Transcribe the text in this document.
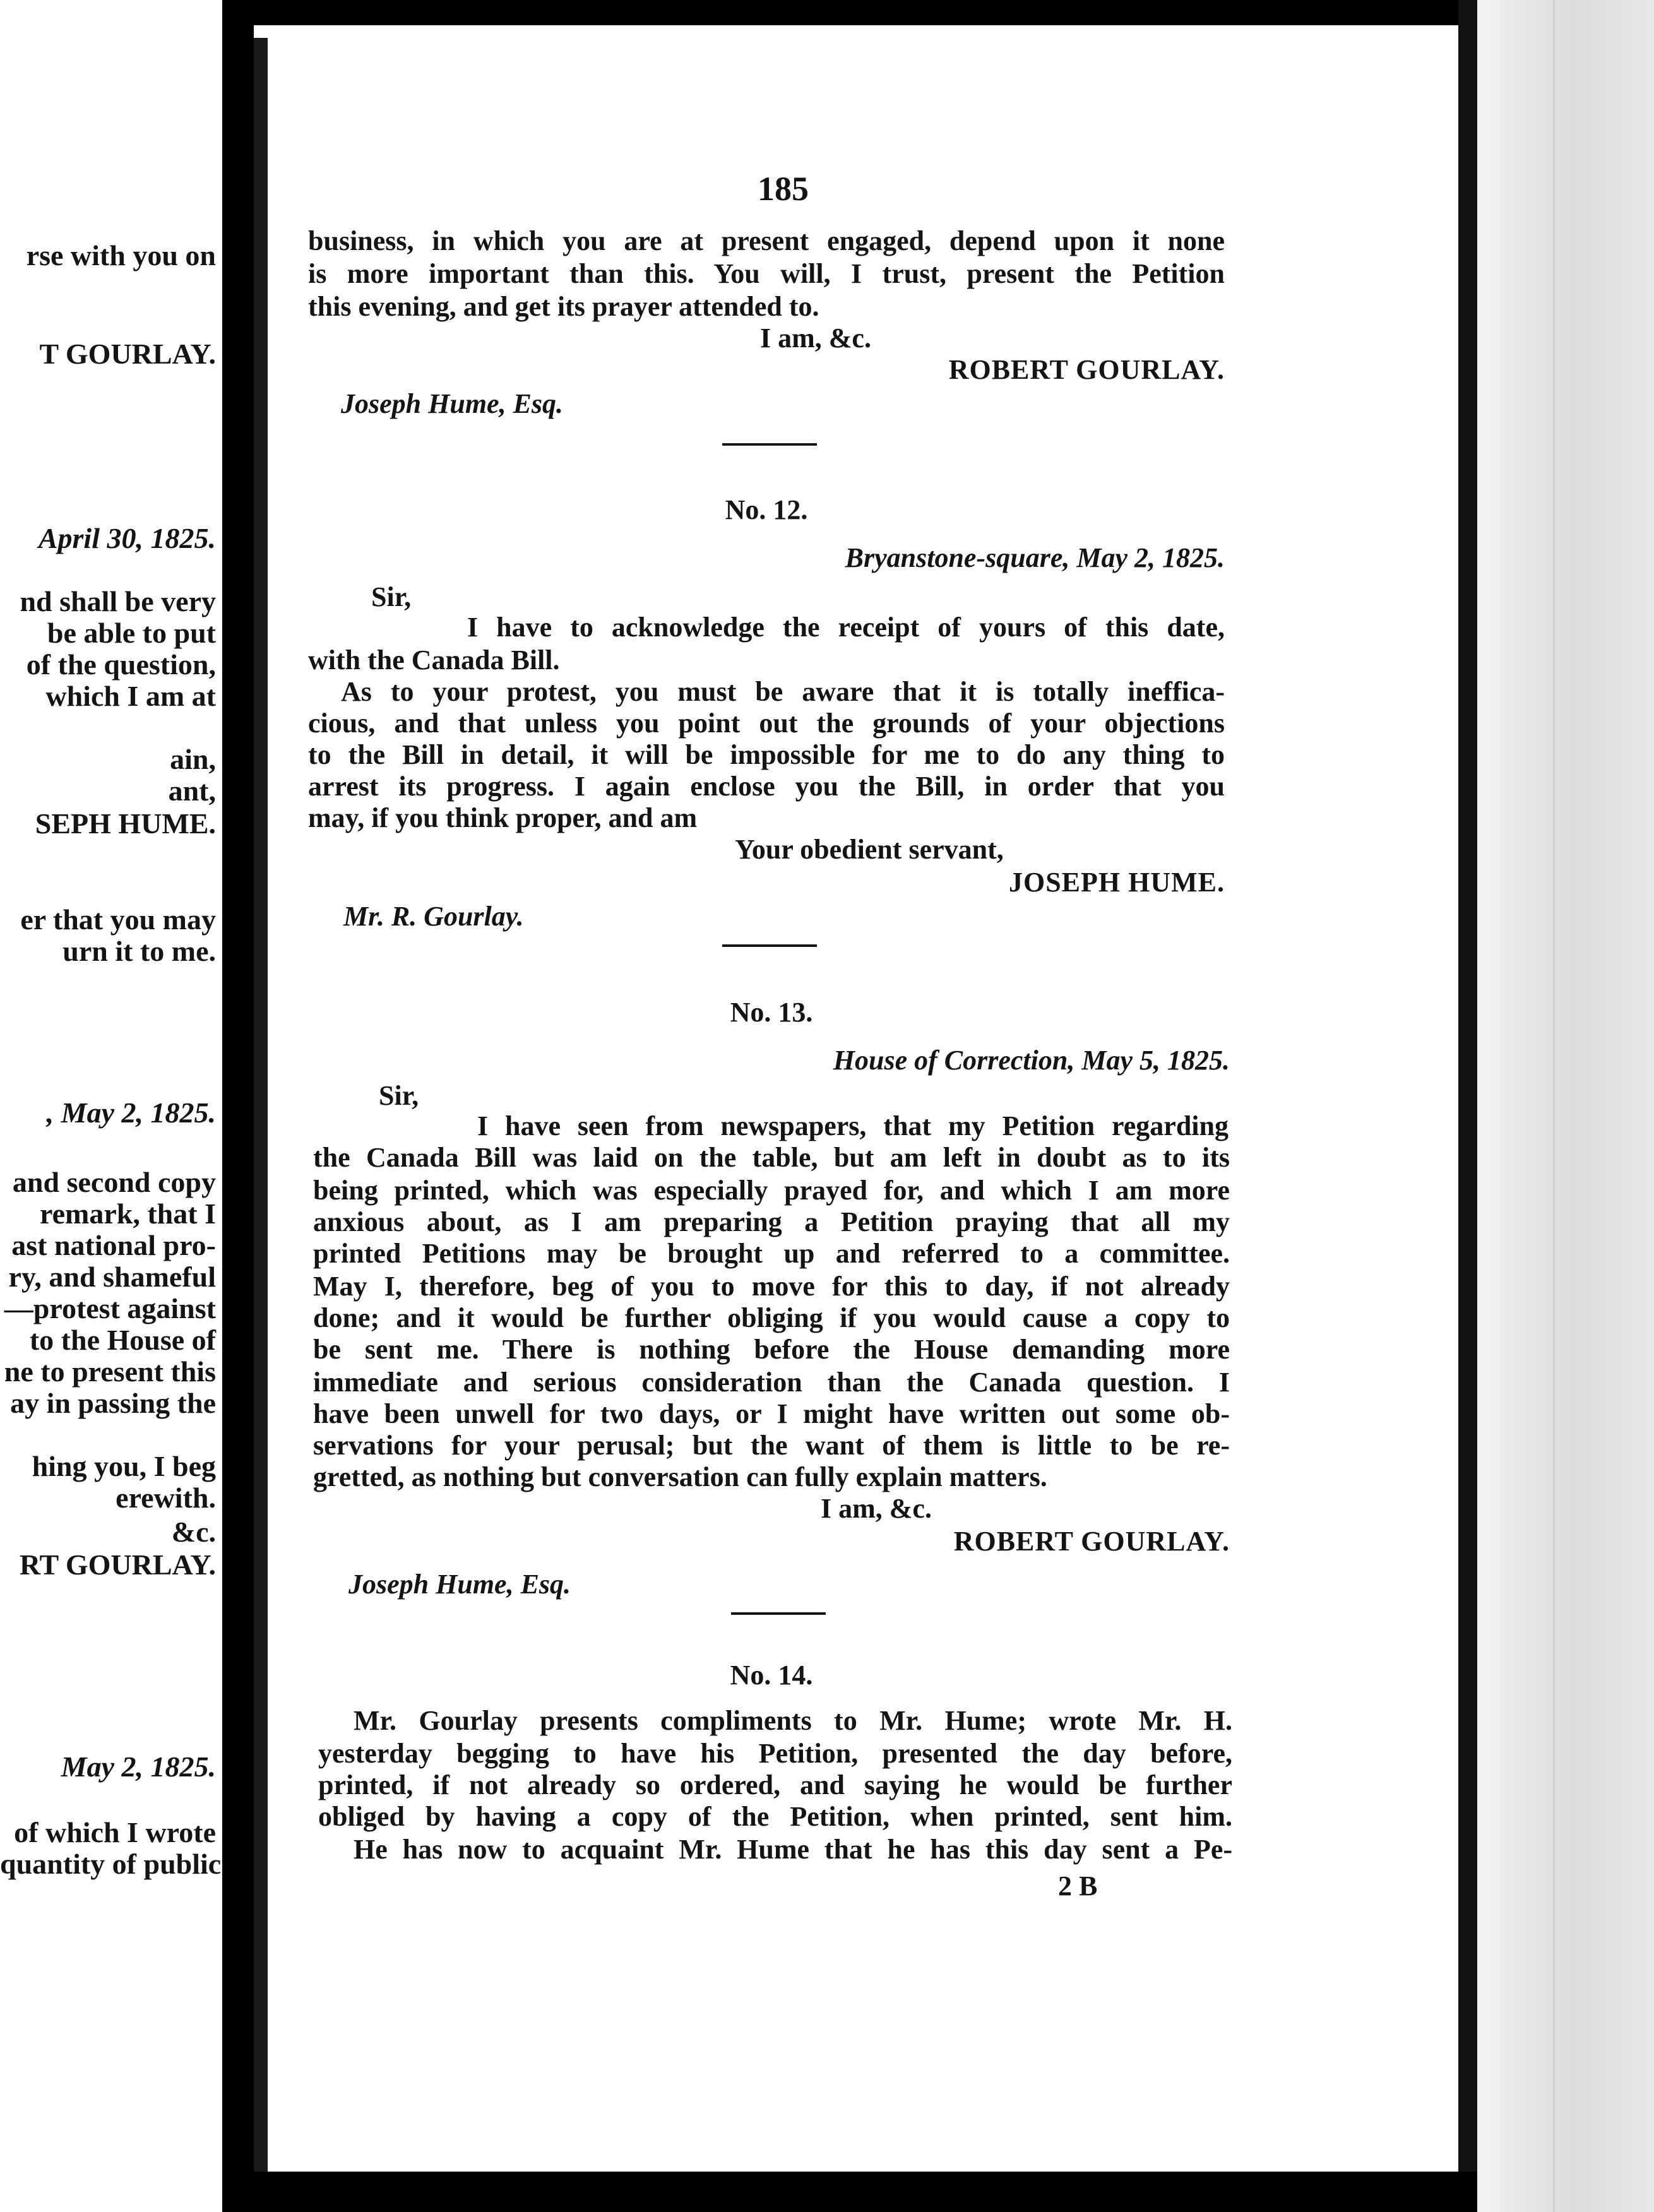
rse with you on
T GOURLAY.
April 30, 1825.
nd shall be very
be able to put
of the question,
which I am at
ain,
ant,
SEPH HUME.
er that you may
urn it to me.
, May 2, 1825.
and second copy
remark, that I
ast national pro-
ry, and shameful
—protest against
to the House of
ne to present this
ay in passing the
hing you, I beg
erewith.
&c.
RT GOURLAY.
May 2, 1825.
of which I wrote
quantity of public
185
business, in which you are at present engaged, depend upon it none
is more important than this. You will, I trust, present the Petition
this evening, and get its prayer attended to.
I am, &c.
ROBERT GOURLAY.
Joseph Hume, Esq.
No. 12.
Bryanstone-square, May 2, 1825.
Sir,
I have to acknowledge the receipt of yours of this date,
with the Canada Bill.
As to your protest, you must be aware that it is totally ineffica-
cious, and that unless you point out the grounds of your objections
to the Bill in detail, it will be impossible for me to do any thing to
arrest its progress. I again enclose you the Bill, in order that you
may, if you think proper, and am
Your obedient servant,
JOSEPH HUME.
Mr. R. Gourlay.
No. 13.
House of Correction, May 5, 1825.
Sir,
I have seen from newspapers, that my Petition regarding
the Canada Bill was laid on the table, but am left in doubt as to its
being printed, which was especially prayed for, and which I am more
anxious about, as I am preparing a Petition praying that all my
printed Petitions may be brought up and referred to a committee.
May I, therefore, beg of you to move for this to day, if not already
done; and it would be further obliging if you would cause a copy to
be sent me. There is nothing before the House demanding more
immediate and serious consideration than the Canada question. I
have been unwell for two days, or I might have written out some ob-
servations for your perusal; but the want of them is little to be re-
gretted, as nothing but conversation can fully explain matters.
I am, &c.
ROBERT GOURLAY.
Joseph Hume, Esq.
No. 14.
Mr. Gourlay presents compliments to Mr. Hume; wrote Mr. H.
yesterday begging to have his Petition, presented the day before,
printed, if not already so ordered, and saying he would be further
obliged by having a copy of the Petition, when printed, sent him.
He has now to acquaint Mr. Hume that he has this day sent a Pe-
2 B
